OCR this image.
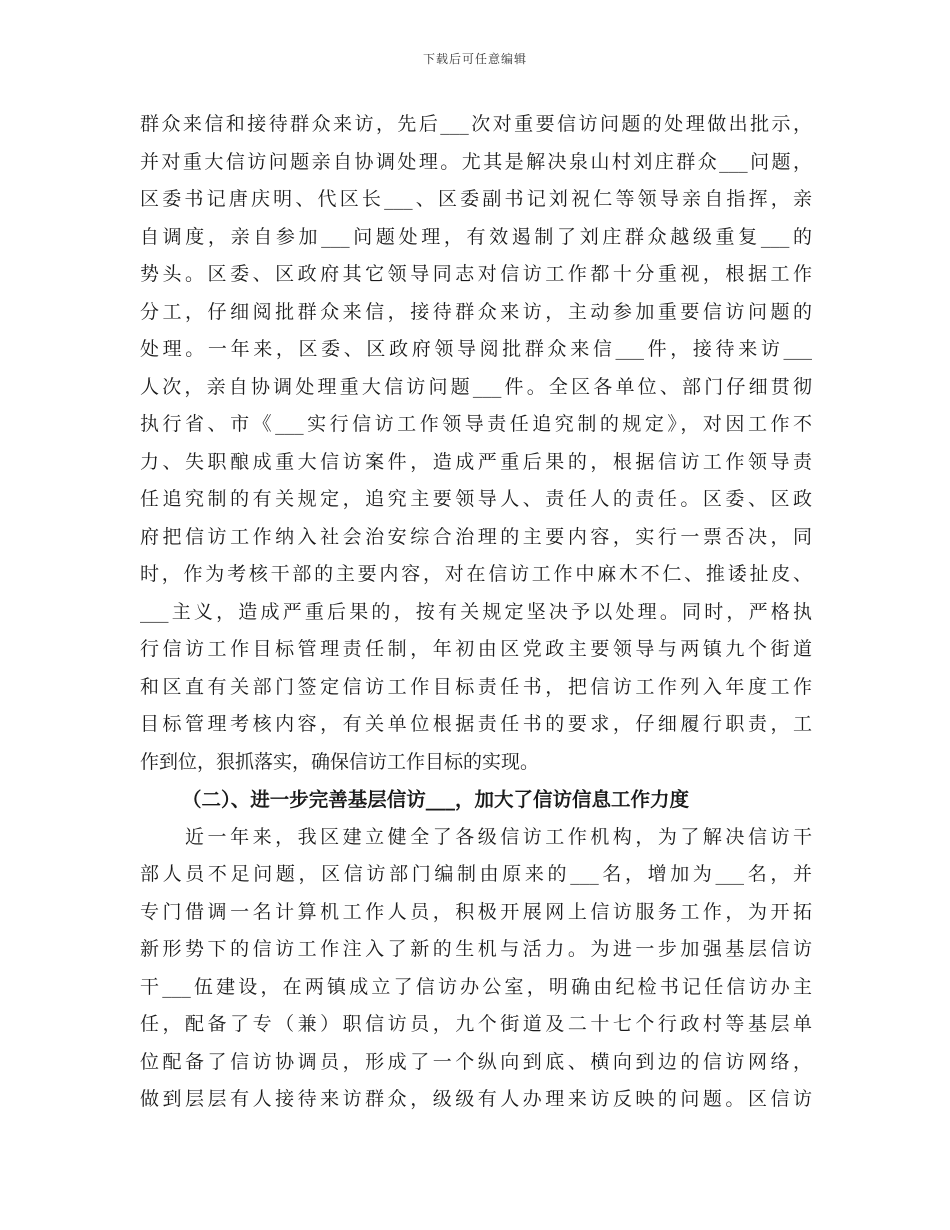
下载后可任意编辑
群众来信和接待群众来访，先后___次对重要信访问题的处理做出批示，
并对重大信访问题亲自协调处理。尤其是解决泉山村刘庄群众___问题，
区委书记唐庆明、代区长___、区委副书记刘祝仁等领导亲自指挥，亲
自调度，亲自参加___问题处理，有效遏制了刘庄群众越级重复___的
势头。区委、区政府其它领导同志对信访工作都十分重视，根据工作
分工，仔细阅批群众来信，接待群众来访，主动参加重要信访问题的
处理。一年来，区委、区政府领导阅批群众来信___件，接待来访___
人次，亲自协调处理重大信访问题___件。全区各单位、部门仔细贯彻
执行省、市《___实行信访工作领导责任追究制的规定》，对因工作不
力、失职酿成重大信访案件，造成严重后果的，根据信访工作领导责
任追究制的有关规定，追究主要领导人、责任人的责任。区委、区政
府把信访工作纳入社会治安综合治理的主要内容，实行一票否决，同
时，作为考核干部的主要内容，对在信访工作中麻木不仁、推诿扯皮、
___主义，造成严重后果的，按有关规定坚决予以处理。同时，严格执
行信访工作目标管理责任制，年初由区党政主要领导与两镇九个街道
和区直有关部门签定信访工作目标责任书，把信访工作列入年度工作
目标管理考核内容，有关单位根据责任书的要求，仔细履行职责，工
作到位，狠抓落实，确保信访工作目标的实现。
（二）、进一步完善基层信访___，加大了信访信息工作力度
　　近一年来，我区建立健全了各级信访工作机构，为了解决信访干
部人员不足问题，区信访部门编制由原来的___名，增加为___名，并
专门借调一名计算机工作人员，积极开展网上信访服务工作，为开拓
新形势下的信访工作注入了新的生机与活力。为进一步加强基层信访
干___伍建设，在两镇成立了信访办公室，明确由纪检书记任信访办主
任，配备了专（兼）职信访员，九个街道及二十七个行政村等基层单
位配备了信访协调员，形成了一个纵向到底、横向到边的信访网络，
做到层层有人接待来访群众，级级有人办理来访反映的问题。区信访
